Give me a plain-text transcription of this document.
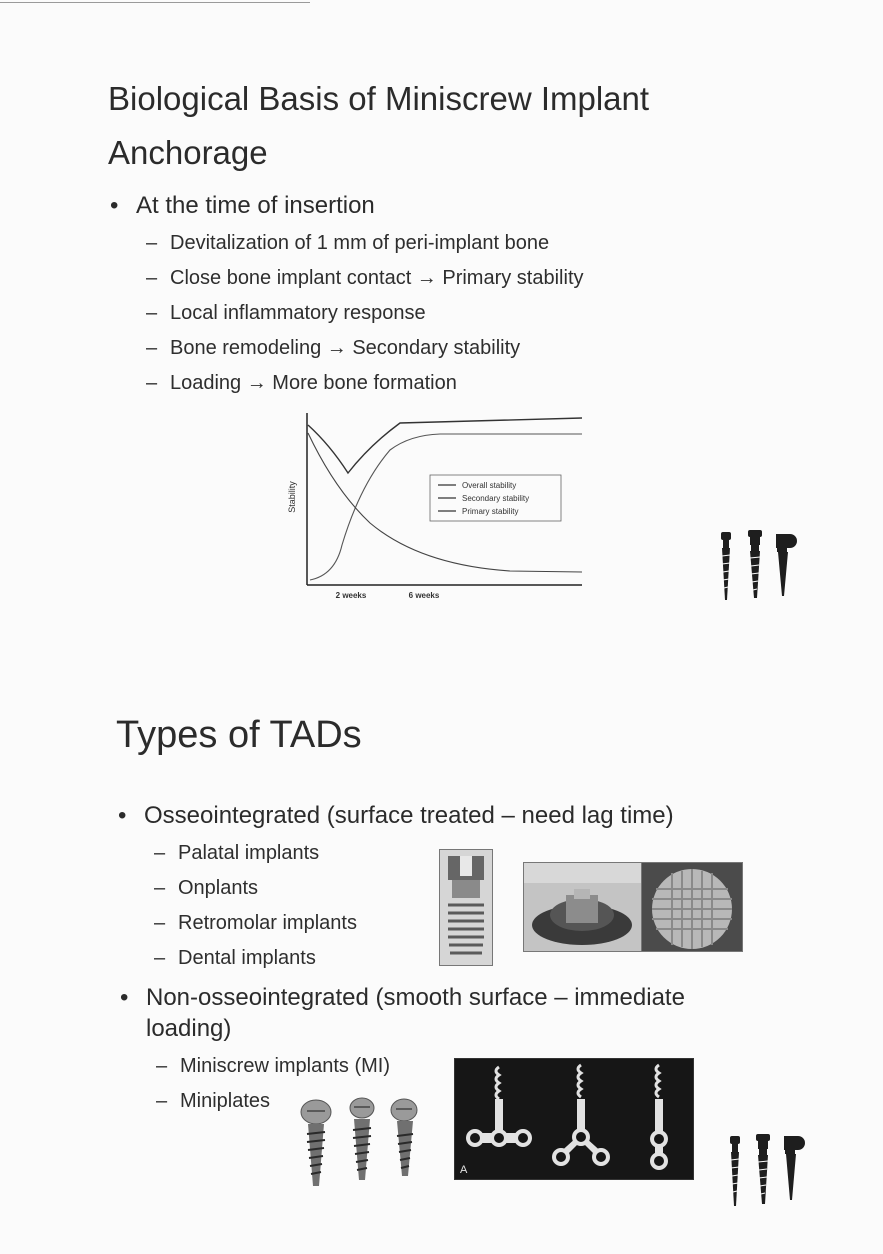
Biological Basis of Miniscrew Implant Anchorage
• At the time of insertion
– Devitalization of 1 mm of peri-implant bone
– Close bone implant contact → Primary stability
– Local inflammatory response
– Bone remodeling → Secondary stability
– Loading → More bone formation
Stability
2 weeks	6 weeks
Overall stability
Secondary stability
Primary stability
Types of TADs
• Osseointegrated (surface treated – need lag time)
– Palatal implants
– Onplants
– Retromolar implants
– Dental implants
• Non-osseointegrated (smooth surface – immediate
loading)
– Miniscrew implants (MI)
– Miniplates
A
